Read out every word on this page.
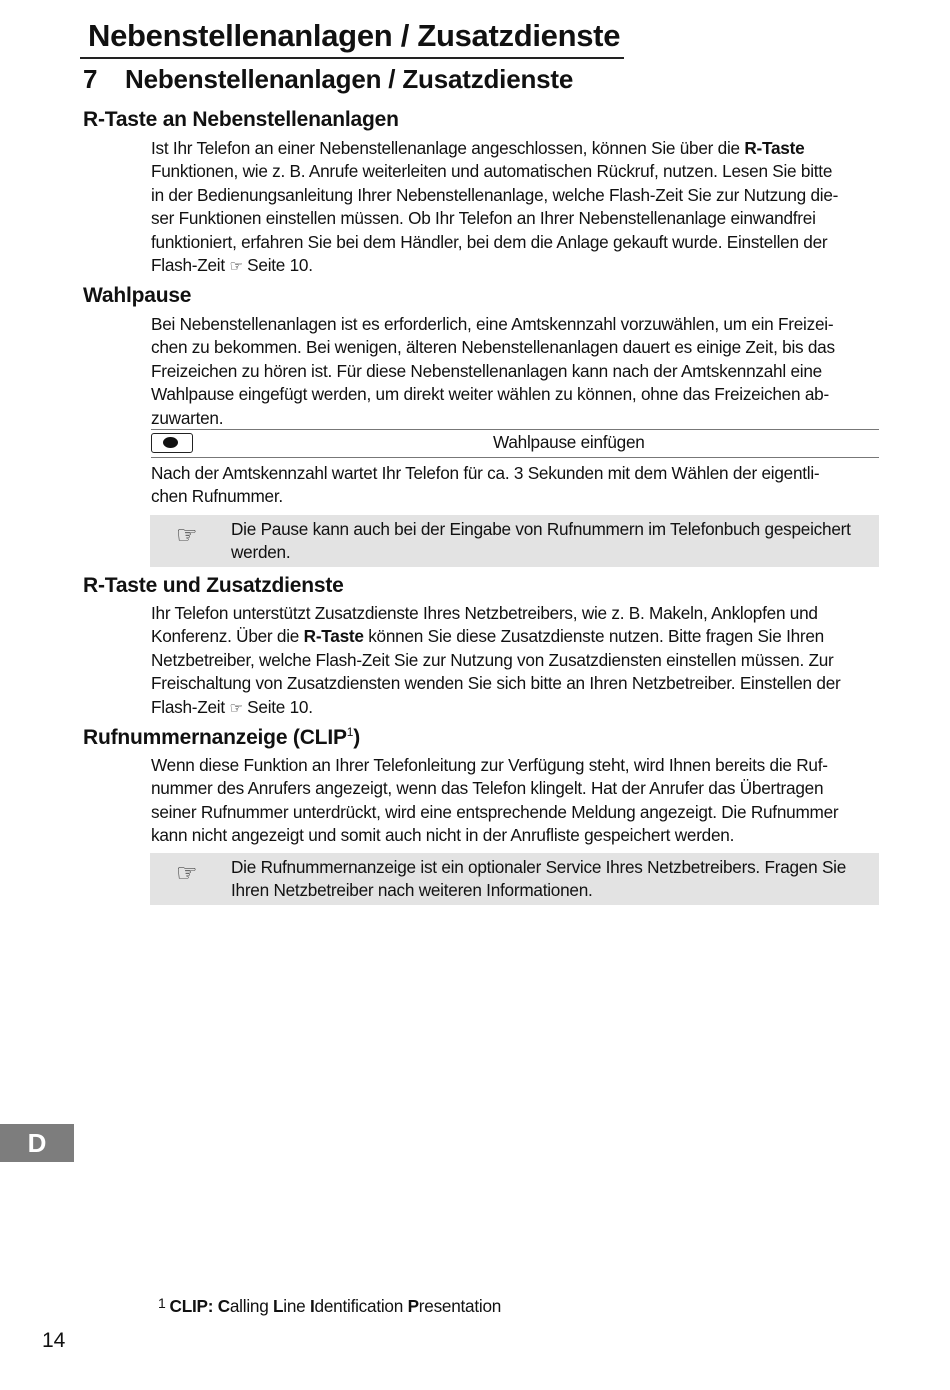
Nebenstellenanlagen / Zusatzdienste
7 Nebenstellenanlagen / Zusatzdienste
R-Taste an Nebenstellenanlagen
Ist Ihr Telefon an einer Nebenstellenanlage angeschlossen, können Sie über die R-Taste
Funktionen, wie z. B. Anrufe weiterleiten und automatischen Rückruf, nutzen. Lesen Sie bitte
in der Bedienungsanleitung Ihrer Nebenstellenanlage, welche Flash-Zeit Sie zur Nutzung die-
ser Funktionen einstellen müssen. Ob Ihr Telefon an Ihrer Nebenstellenanlage einwandfrei
funktioniert, erfahren Sie bei dem Händler, bei dem die Anlage gekauft wurde. Einstellen der
Flash-Zeit ☞ Seite 10.
Wahlpause
Bei Nebenstellenanlagen ist es erforderlich, eine Amtskennzahl vorzuwählen, um ein Freizei-
chen zu bekommen. Bei wenigen, älteren Nebenstellenanlagen dauert es einige Zeit, bis das
Freizeichen zu hören ist. Für diese Nebenstellenanlagen kann nach der Amtskennzahl eine
Wahlpause eingefügt werden, um direkt weiter wählen zu können, ohne das Freizeichen ab-
zuwarten.
Wahlpause einfügen
Nach der Amtskennzahl wartet Ihr Telefon für ca. 3 Sekunden mit dem Wählen der eigentli-
chen Rufnummer.
☞ Die Pause kann auch bei der Eingabe von Rufnummern im Telefonbuch gespeichert
werden.
R-Taste und Zusatzdienste
Ihr Telefon unterstützt Zusatzdienste Ihres Netzbetreibers, wie z. B. Makeln, Anklopfen und
Konferenz. Über die R-Taste können Sie diese Zusatzdienste nutzen. Bitte fragen Sie Ihren
Netzbetreiber, welche Flash-Zeit Sie zur Nutzung von Zusatzdiensten einstellen müssen. Zur
Freischaltung von Zusatzdiensten wenden Sie sich bitte an Ihren Netzbetreiber. Einstellen der
Flash-Zeit ☞ Seite 10.
Rufnummernanzeige (CLIP$^1$)
Wenn diese Funktion an Ihrer Telefonleitung zur Verfügung steht, wird Ihnen bereits die Ruf-
nummer des Anrufers angezeigt, wenn das Telefon klingelt. Hat der Anrufer das Übertragen
seiner Rufnummer unterdrückt, wird eine entsprechende Meldung angezeigt. Die Rufnummer
kann nicht angezeigt und somit auch nicht in der Anrufliste gespeichert werden.
☞ Die Rufnummernanzeige ist ein optionaler Service Ihres Netzbetreibers. Fragen Sie
Ihren Netzbetreiber nach weiteren Informationen.
D
$^1$ CLIP: Calling Line Identification Presentation
14
